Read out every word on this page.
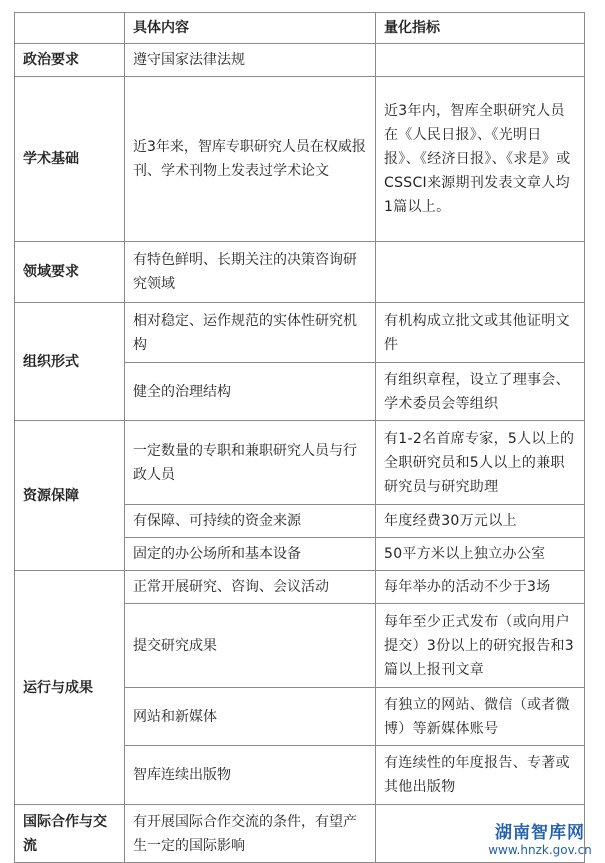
	具体内容	量化指标
政治要求	遵守国家法律法规	
学术基础	近3年来，智库专职研究人员在权威报刊、学术刊物上发表过学术论文	近3年内，智库全职研究人员在《人民日报》、《光明日报》、《经济日报》、《求是》或CSSCI来源期刊发表文章人均1篇以上。
领域要求	有特色鲜明、长期关注的决策咨询研究领域	
组织形式	相对稳定、运作规范的实体性研究机构	有机构成立批文或其他证明文件
	健全的治理结构	有组织章程，设立了理事会、学术委员会等组织
资源保障	一定数量的专职和兼职研究人员与行政人员	有1-2名首席专家，5人以上的全职研究员和5人以上的兼职研究员与研究助理
	有保障、可持续的资金来源	年度经费30万元以上
	固定的办公场所和基本设备	50平方米以上独立办公室
运行与成果	正常开展研究、咨询、会议活动	每年举办的活动不少于3场
	提交研究成果	每年至少正式发布（或向用户提交）3份以上的研究报告和3篇以上报刊文章
	网站和新媒体	有独立的网站、微信（或者微博）等新媒体账号
	智库连续出版物	有连续性的年度报告、专著或其他出版物
国际合作与交流	有开展国际合作交流的条件，有望产生一定的国际影响	
湖南智库网
www.hnzk.gov.cn
